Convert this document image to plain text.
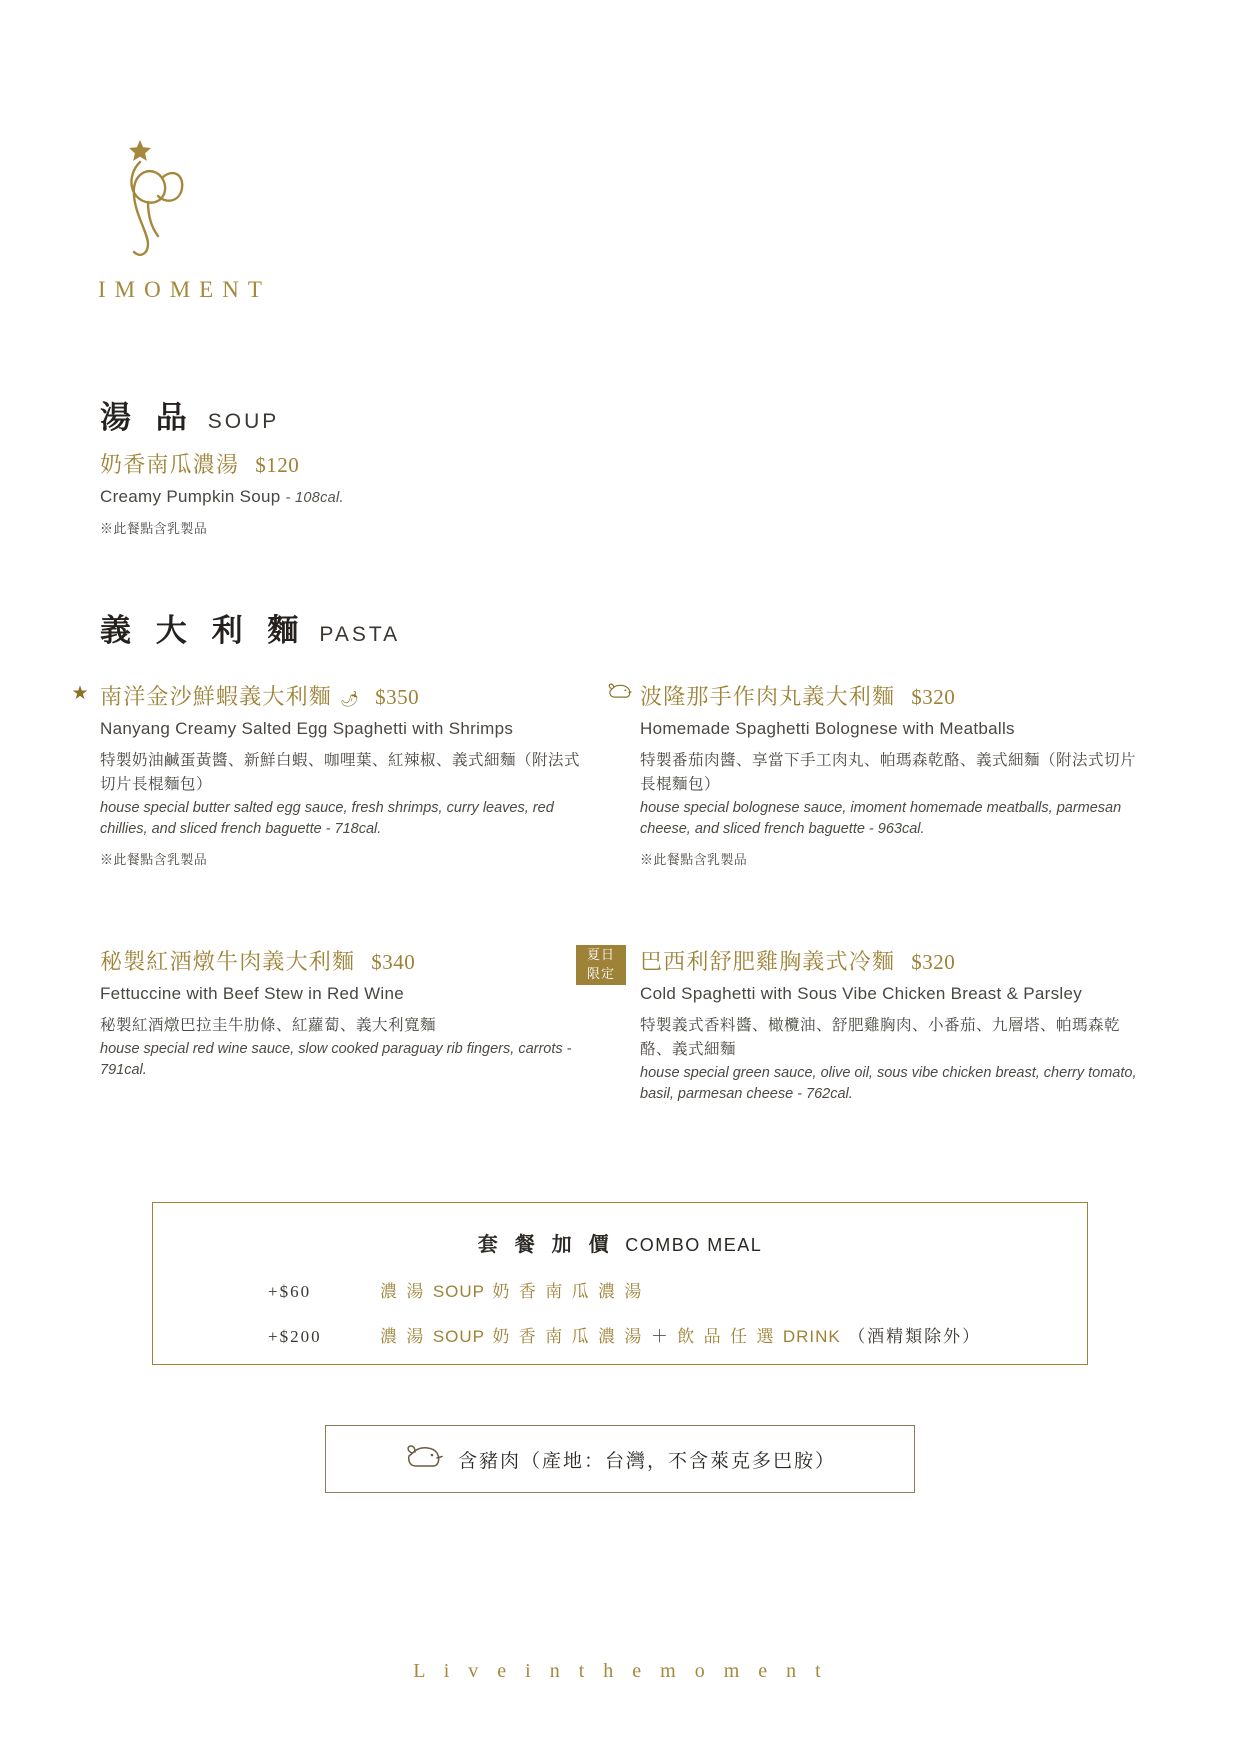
IMOMENT
湯 品 SOUP
奶香南瓜濃湯 $120
Creamy Pumpkin Soup - 108cal.
※此餐點含乳製品
義 大 利 麵 PASTA
★ 南洋金沙鮮蝦義大利麵 🌶 $350
Nanyang Creamy Salted Egg Spaghetti with Shrimps
特製奶油鹹蛋黃醬、新鮮白蝦、咖哩葉、紅辣椒、義式細麵（附法式切片長棍麵包）
house special butter salted egg sauce, fresh shrimps, curry leaves, red chillies, and sliced french baguette - 718cal.
※此餐點含乳製品
波隆那手作肉丸義大利麵 $320
Homemade Spaghetti Bolognese with Meatballs
特製番茄肉醬、享當下手工肉丸、帕瑪森乾酪、義式細麵（附法式切片長棍麵包）
house special bolognese sauce, imoment homemade meatballs, parmesan cheese, and sliced french baguette - 963cal.
※此餐點含乳製品
秘製紅酒燉牛肉義大利麵 $340
Fettuccine with Beef Stew in Red Wine
秘製紅酒燉巴拉圭牛肋條、紅蘿蔔、義大利寬麵
house special red wine sauce, slow cooked paraguay rib fingers, carrots - 791cal.
夏日
限定	巴西利舒肥雞胸義式冷麵 $320
Cold Spaghetti with Sous Vibe Chicken Breast & Parsley
特製義式香料醬、橄欖油、舒肥雞胸肉、小番茄、九層塔、帕瑪森乾酪、義式細麵
house special green sauce, olive oil, sous vibe chicken breast, cherry tomato, basil, parmesan cheese - 762cal.
套 餐 加 價 COMBO MEAL
+$60	濃 湯 SOUP 奶 香 南 瓜 濃 湯
+$200	濃 湯 SOUP 奶 香 南 瓜 濃 湯 ＋ 飲 品 任 選 DRINK （酒精類除外）
含豬肉（產地：台灣，不含萊克多巴胺）
L i v e i n t h e m o m e n t
